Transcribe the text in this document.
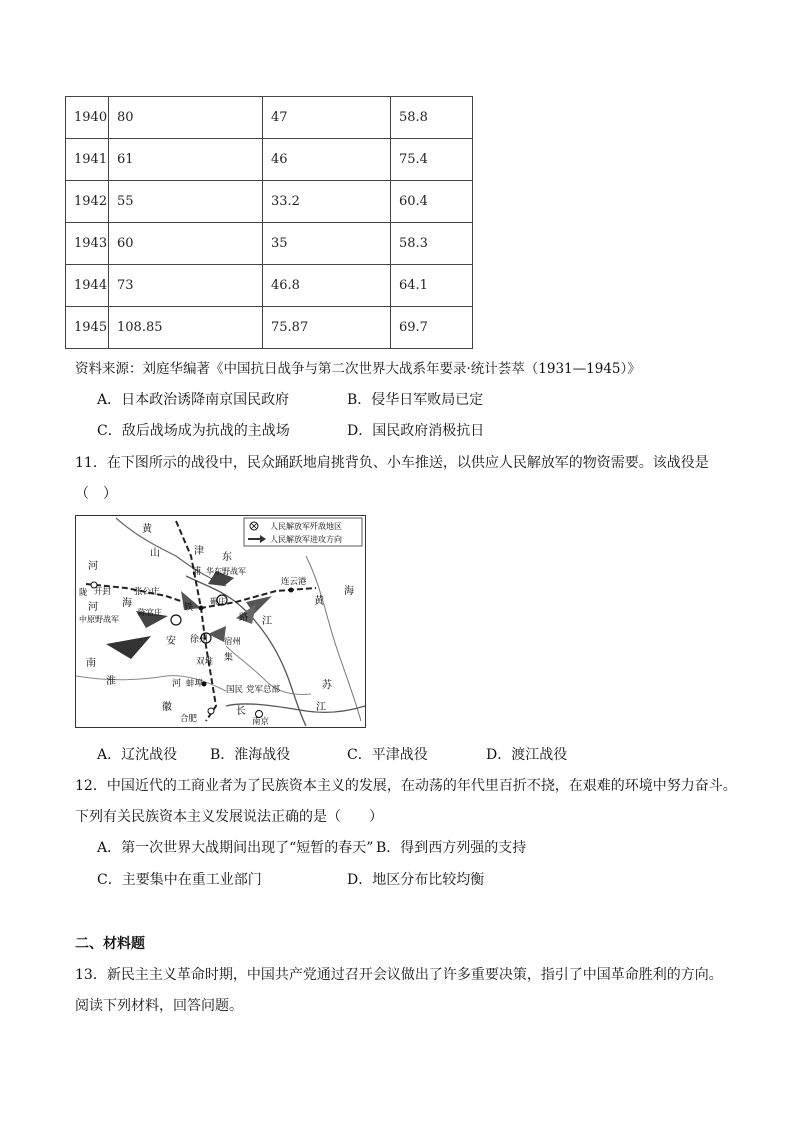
1940	80	47	58.8
1941	61	46	75.4
1942	55	33.2	60.4
1943	60	35	58.3
1944	73	46.8	64.1
1945	108.85	75.87	69.7
资料来源：刘庭华编著《中国抗日战争与第二次世界大战系年要录·统计荟萃（1931—1945）》
A．日本政治诱降南京国民政府	B．侵华日军败局已定
C．敌后战场成为抗战的主战场	D．国民政府消极抗日
11．在下图所示的战役中，民众踊跃地肩挑背负、小车推送，以供应人民解放军的物资需要。该战役是
（　）
人民解放军歼敌地区
人民解放军进攻方向
黄
山	津
东
浦 华东野战军
连云港
河
陇 开封
海
张公庄
河
中原野战军
陈官庄 铁
碾庄
徐州
路 江
黄
海
宿州
双堆 集
安
南
淮	蚌埠
河
国民 党军总部	苏
徽
合肥
长
南京
江
A．辽沈战役 B．淮海战役	C．平津战役	D．渡江战役
12．中国近代的工商业者为了民族资本主义的发展，在动荡的年代里百折不挠，在艰难的环境中努力奋斗。
下列有关民族资本主义发展说法正确的是（　　）
A．第一次世界大战期间出现了“短暂的春天” B．得到西方列强的支持
C．主要集中在重工业部门	D．地区分布比较均衡
二、材料题
13．新民主主义革命时期，中国共产党通过召开会议做出了许多重要决策，指引了中国革命胜利的方向。
阅读下列材料，回答问题。
